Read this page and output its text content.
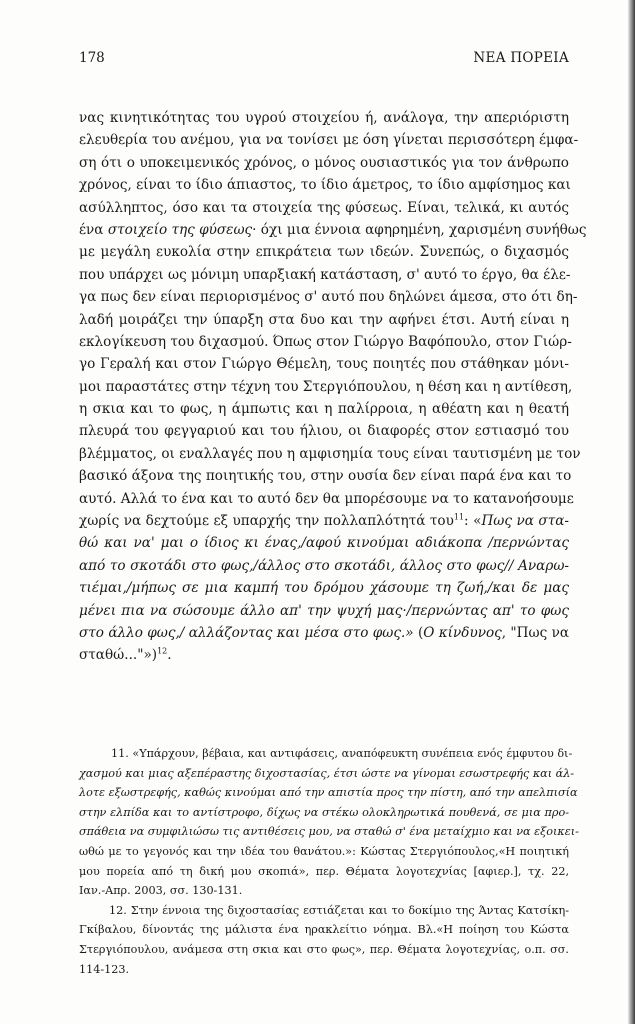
178	ΝΕΑ ΠΟΡΕΙΑ
νας κινητικότητας του υγρού στοιχείου ή, ανάλογα, την απεριόριστη
ελευθερία του ανέμου, για να τονίσει με όση γίνεται περισσότερη έμφα-
ση ότι ο υποκειμενικός χρόνος, ο μόνος ουσιαστικός για τον άνθρωπο
χρόνος, είναι το ίδιο άπιαστος, το ίδιο άμετρος, το ίδιο αμφίσημος και
ασύλληπτος, όσο και τα στοιχεία της φύσεως. Είναι, τελικά, κι αυτός
ένα στοιχείο της φύσεως· όχι μια έννοια αφηρημένη, χαρισμένη συνήθως
με μεγάλη ευκολία στην επικράτεια των ιδεών. Συνεπώς, ο διχασμός
που υπάρχει ως μόνιμη υπαρξιακή κατάσταση, σ' αυτό το έργο, θα έλε-
γα πως δεν είναι περιορισμένος σ' αυτό που δηλώνει άμεσα, στο ότι δη-
λαδή μοιράζει την ύπαρξη στα δυο και την αφήνει έτσι. Αυτή είναι η
εκλογίκευση του διχασμού. Όπως στον Γιώργο Βαφόπουλο, στον Γιώρ-
γο Γεραλή και στον Γιώργο Θέμελη, τους ποιητές που στάθηκαν μόνι-
μοι παραστάτες στην τέχνη του Στεργιόπουλου, η θέση και η αντίθεση,
η σκια και το φως, η άμπωτις και η παλίρροια, η αθέατη και η θεατή
πλευρά του φεγγαριού και του ήλιου, οι διαφορές στον εστιασμό του
βλέμματος, οι εναλλαγές που η αμφισημία τους είναι ταυτισμένη με τον
βασικό άξονα της ποιητικής του, στην ουσία δεν είναι παρά ένα και το
αυτό. Αλλά το ένα και το αυτό δεν θα μπορέσουμε να το κατανοήσουμε
χωρίς να δεχτούμε εξ υπαρχής την πολλαπλότητά του$^{11}$: «Πως να στα-
θώ και να' μαι ο ίδιος κι ένας,/αφού κινούμαι αδιάκοπα /περνώντας
από το σκοτάδι στο φως,/άλλος στο σκοτάδι, άλλος στο φως// Αναρω-
τιέμαι,/μήπως σε μια καμπή του δρόμου χάσουμε τη ζωή,/και δε μας
μένει πια να σώσουμε άλλο απ' την ψυχή μας·/περνώντας απ' το φως
στο άλλο φως,/ αλλάζοντας και μέσα στο φως.» (Ο κίνδυνος, "Πως να
σταθώ..."»)$^{12}$.
11. «Υπάρχουν, βέβαια, και αντιφάσεις, αναπόφευκτη συνέπεια ενός έμφυτου δι-
χασμού και μιας αξεπέραστης διχοστασίας, έτσι ώστε να γίνομαι εσωστρεφής και άλ-
λοτε εξωστρεφής, καθώς κινούμαι από την απιστία προς την πίστη, από την απελπισία
στην ελπίδα και το αντίστροφο, δίχως να στέκω ολοκληρωτικά πουθενά, σε μια προ-
σπάθεια να συμφιλιώσω τις αντιθέσεις μου, να σταθώ σ' ένα μεταίχμιο και να εξοικει-
ωθώ με το γεγονός και την ιδέα του θανάτου.»: Κώστας Στεργιόπουλος,«Η ποιητική
μου πορεία από τη δική μου σκοπιά», περ. Θέματα λογοτεχνίας [αφιερ.], τχ. 22,
Ιαν.-Απρ. 2003, σσ. 130-131.
12. Στην έννοια της διχοστασίας εστιάζεται και το δοκίμιο της Άντας Κατσίκη-
Γκίβαλου, δίνοντάς της μάλιστα ένα ηρακλείτιο νόημα. Βλ.«Η ποίηση του Κώστα
Στεργιόπουλου, ανάμεσα στη σκια και στο φως», περ. Θέματα λογοτεχνίας, ο.π. σσ.
114-123.
